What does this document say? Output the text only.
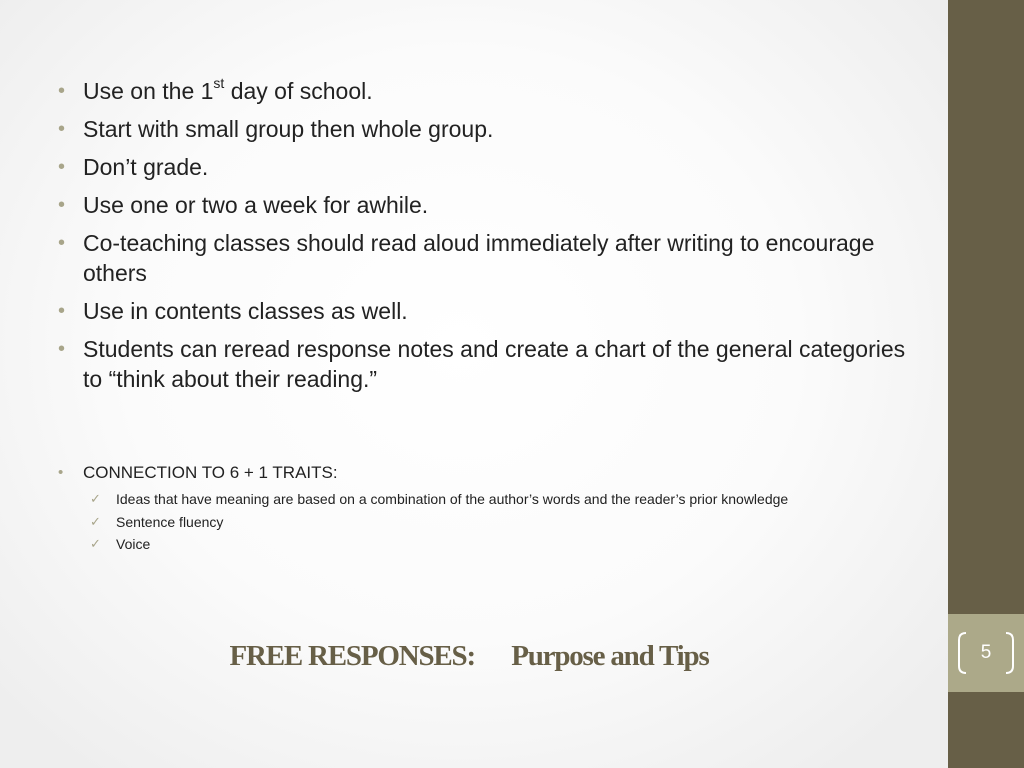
• Use on the 1st day of school.
• Start with small group then whole group.
• Don’t grade.
• Use one or two a week for awhile.
• Co-teaching classes should read aloud immediately after writing to encourage others
• Use in contents classes as well.
• Students can reread response notes and create a chart of the general categories to “think about their reading.”
• CONNECTION TO 6 + 1 TRAITS:
✓ Ideas that have meaning are based on a combination of the author’s words and the reader’s prior knowledge
✓ Sentence fluency
✓ Voice
FREE RESPONSES:      Purpose and Tips	5
